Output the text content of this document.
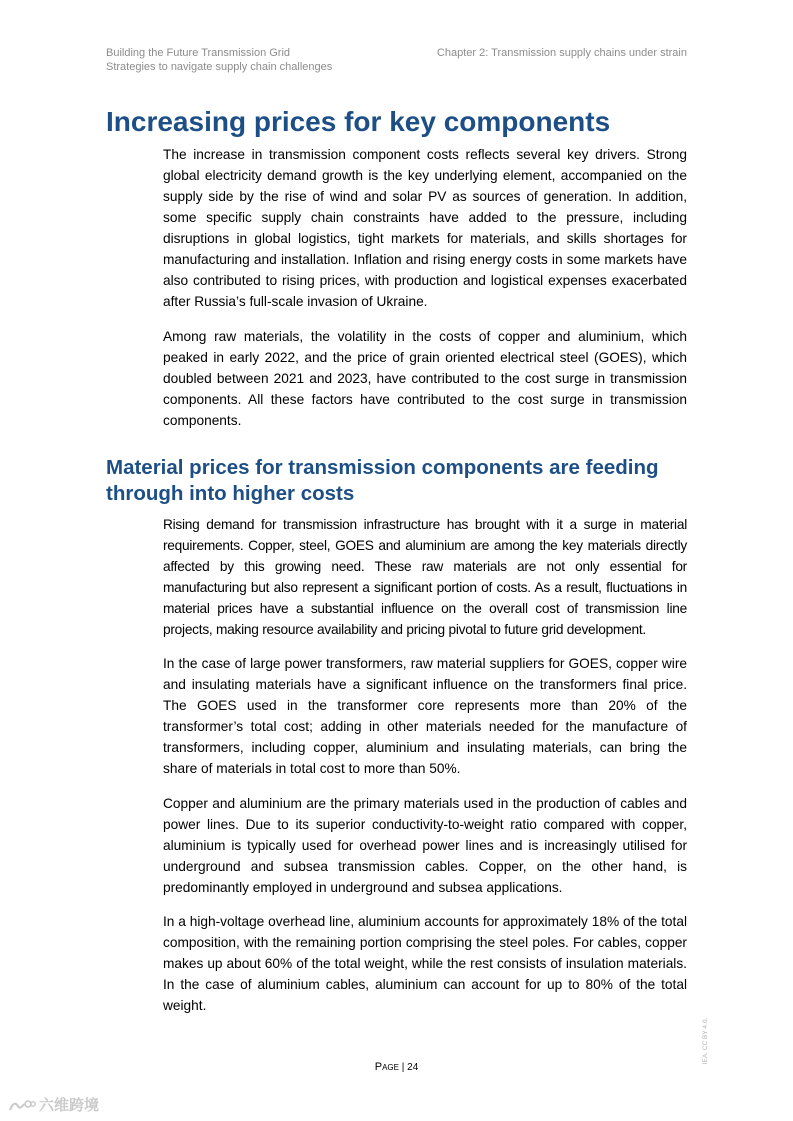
Building the Future Transmission Grid
Strategies to navigate supply chain challenges
Chapter 2: Transmission supply chains under strain
Increasing prices for key components

The increase in transmission component costs reflects several key drivers. Strong global electricity demand growth is the key underlying element, accompanied on the supply side by the rise of wind and solar PV as sources of generation. In addition, some specific supply chain constraints have added to the pressure, including disruptions in global logistics, tight markets for materials, and skills shortages for manufacturing and installation. Inflation and rising energy costs in some markets have also contributed to rising prices, with production and logistical expenses exacerbated after Russia’s full-scale invasion of Ukraine.

Among raw materials, the volatility in the costs of copper and aluminium, which peaked in early 2022, and the price of grain oriented electrical steel (GOES), which doubled between 2021 and 2023, have contributed to the cost surge in transmission components. All these factors have contributed to the cost surge in transmission components.

Material prices for transmission components are feeding through into higher costs

Rising demand for transmission infrastructure has brought with it a surge in material requirements. Copper, steel, GOES and aluminium are among the key materials directly affected by this growing need. These raw materials are not only essential for manufacturing but also represent a significant portion of costs. As a result, fluctuations in material prices have a substantial influence on the overall cost of transmission line projects, making resource availability and pricing pivotal to future grid development.

In the case of large power transformers, raw material suppliers for GOES, copper wire and insulating materials have a significant influence on the transformers final price. The GOES used in the transformer core represents more than 20% of the transformer’s total cost; adding in other materials needed for the manufacture of transformers, including copper, aluminium and insulating materials, can bring the share of materials in total cost to more than 50%.

Copper and aluminium are the primary materials used in the production of cables and power lines. Due to its superior conductivity-to-weight ratio compared with copper, aluminium is typically used for overhead power lines and is increasingly utilised for underground and subsea transmission cables. Copper, on the other hand, is predominantly employed in underground and subsea applications.

In a high-voltage overhead line, aluminium accounts for approximately 18% of the total composition, with the remaining portion comprising the steel poles. For cables, copper makes up about 60% of the total weight, while the rest consists of insulation materials. In the case of aluminium cables, aluminium can account for up to 80% of the total weight.

Page | 24
IEA. CC BY 4.0.
六维跨境
